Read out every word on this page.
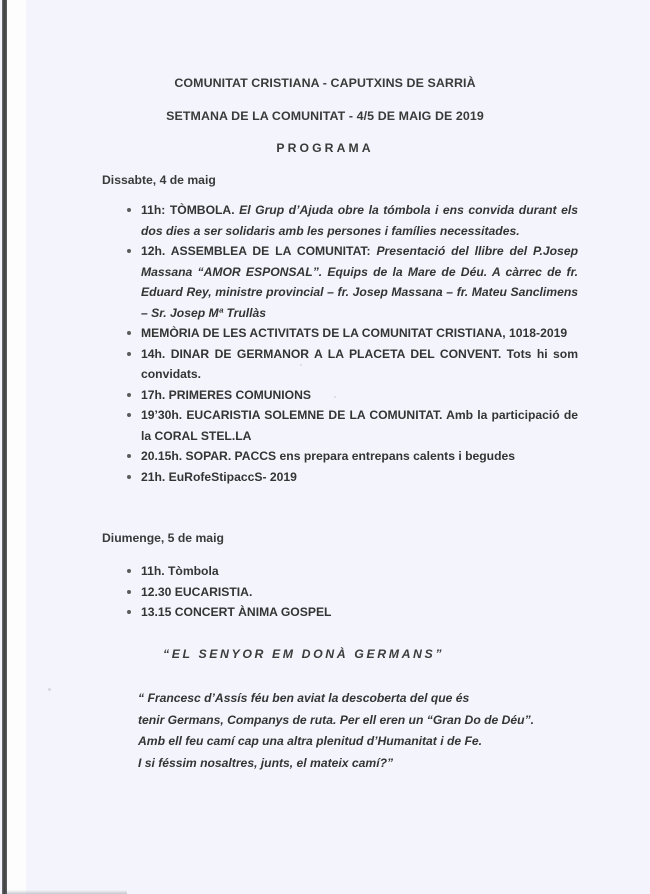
COMUNITAT CRISTIANA - CAPUTXINS DE SARRIÀ
SETMANA DE LA COMUNITAT - 4/5 DE MAIG DE 2019
PROGRAMA
Dissabte, 4 de maig
11h: TÒMBOLA. El Grup d’Ajuda obre la tómbola i ens convida durant els dos dies a ser solidaris amb les persones i famílies necessitades.
12h. ASSEMBLEA DE LA COMUNITAT: Presentació del llibre del P.Josep Massana “AMOR ESPONSAL”. Equips de la Mare de Déu. A càrrec de fr. Eduard Rey, ministre provincial – fr. Josep Massana – fr. Mateu Sanclimens – Sr. Josep Mª Trullàs
MEMÒRIA DE LES ACTIVITATS DE LA COMUNITAT CRISTIANA, 1018-2019
14h. DINAR DE GERMANOR A LA PLACETA DEL CONVENT. Tots hi som convidats.
17h. PRIMERES COMUNIONS
19’30h. EUCARISTIA SOLEMNE DE LA COMUNITAT. Amb la participació de la CORAL STEL.LA
20.15h. SOPAR. PACCS ens prepara entrepans calents i begudes
21h. EuRofeStipaccS- 2019
Diumenge, 5 de maig
11h. Tòmbola
12.30 EUCARISTIA.
13.15 CONCERT ÀNIMA GOSPEL
“EL SENYOR EM DONÀ GERMANS”
“ Francesc d’Assís féu ben aviat la descoberta del que és
tenir Germans, Companys de ruta. Per ell eren un “Gran Do de Déu”.
Amb ell feu camí cap una altra plenitud d’Humanitat i de Fe.
I si féssim nosaltres, junts, el mateix camí?”
